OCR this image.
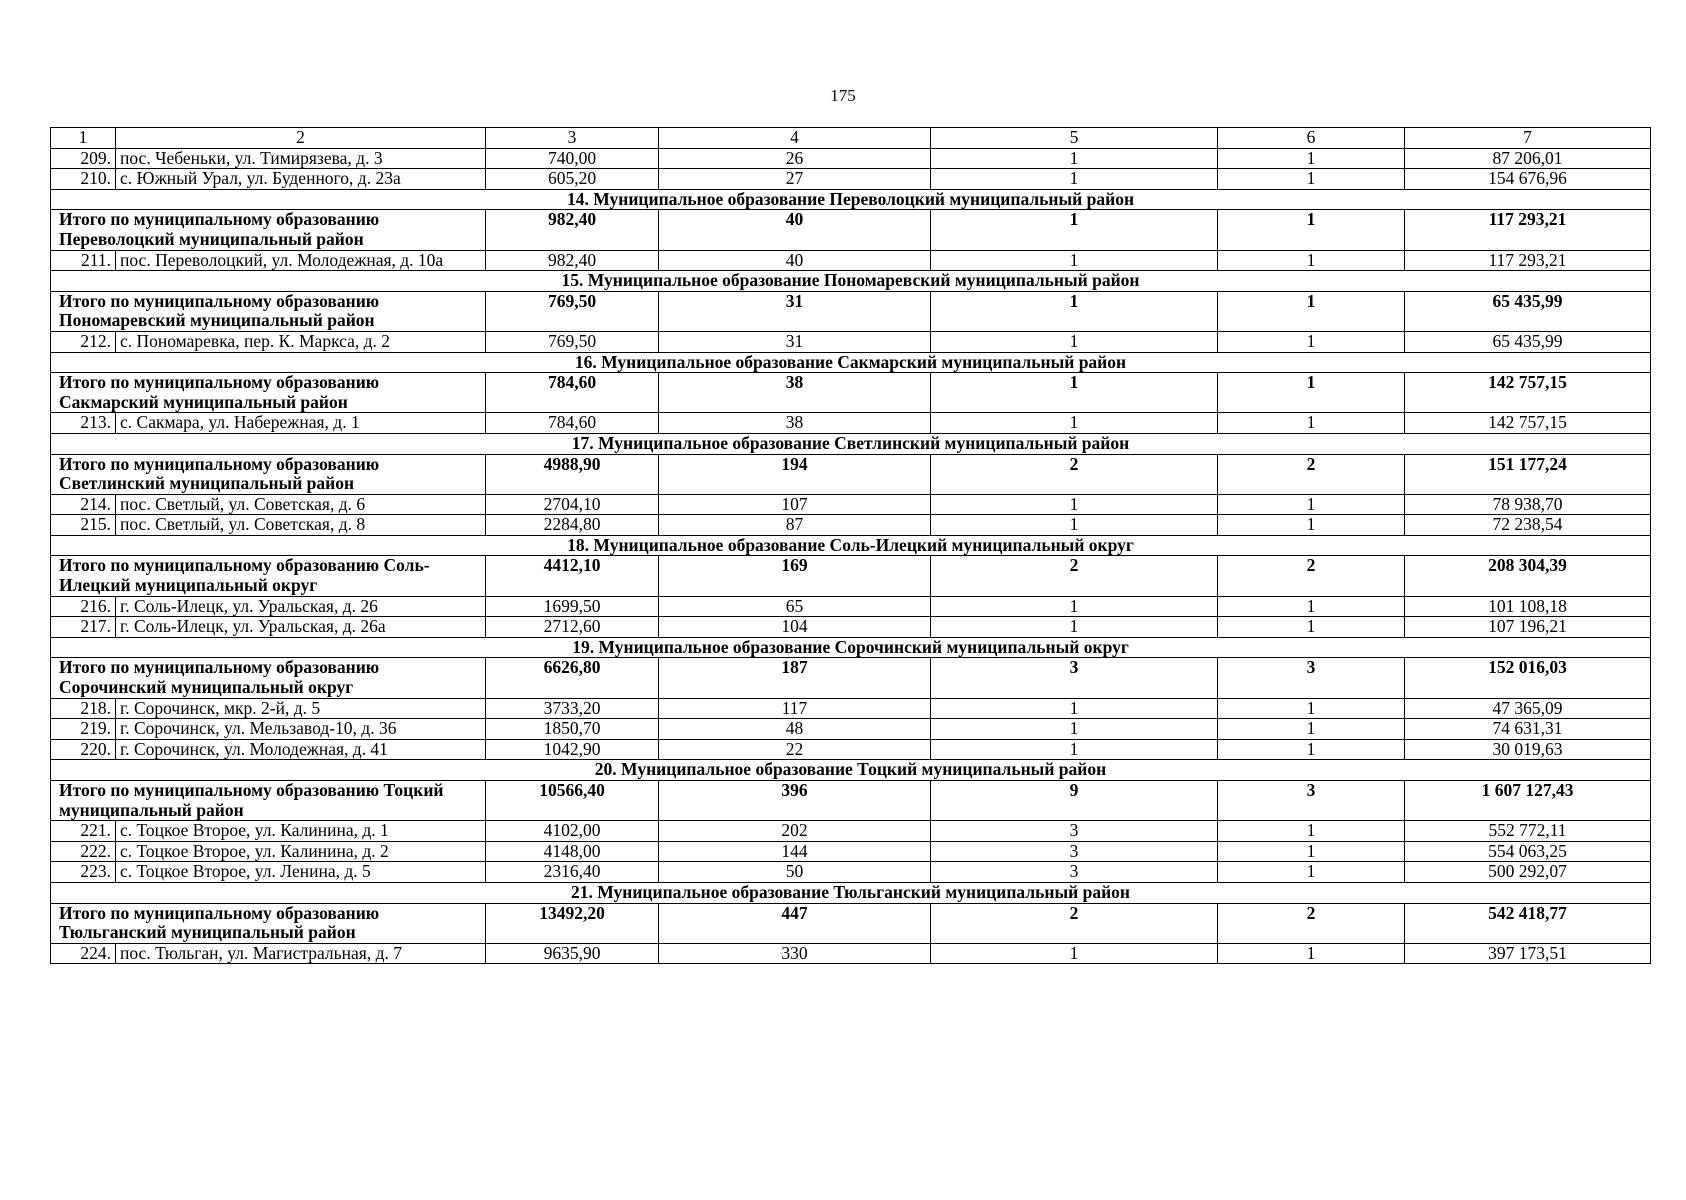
175
1	2	3	4	5	6	7
209.	пос. Чебеньки, ул. Тимирязева, д. 3	740,00	26	1	1	87 206,01
210.	с. Южный Урал, ул. Буденного, д. 23а	605,20	27	1	1	154 676,96
14. Муниципальное образование Переволоцкий муниципальный район						
Итого по муниципальному образованию Переволоцкий муниципальный район		982,40	40	1	1	117 293,21
211.	пос. Переволоцкий, ул. Молодежная, д. 10а	982,40	40	1	1	117 293,21
15. Муниципальное образование Пономаревский муниципальный район						
Итого по муниципальному образованию Пономаревский муниципальный район		769,50	31	1	1	65 435,99
212.	с. Пономаревка, пер. К. Маркса, д. 2	769,50	31	1	1	65 435,99
16. Муниципальное образование Сакмарский муниципальный район						
Итого по муниципальному образованию Сакмарский муниципальный район		784,60	38	1	1	142 757,15
213.	с. Сакмара, ул. Набережная, д. 1	784,60	38	1	1	142 757,15
17. Муниципальное образование Светлинский муниципальный район						
Итого по муниципальному образованию Светлинский муниципальный район		4988,90	194	2	2	151 177,24
214.	пос. Светлый, ул. Советская, д. 6	2704,10	107	1	1	78 938,70
215.	пос. Светлый, ул. Советская, д. 8	2284,80	87	1	1	72 238,54
18. Муниципальное образование Соль-Илецкий муниципальный округ						
Итого по муниципальному образованию Соль-Илецкий муниципальный округ		4412,10	169	2	2	208 304,39
216.	г. Соль-Илецк, ул. Уральская, д. 26	1699,50	65	1	1	101 108,18
217.	г. Соль-Илецк, ул. Уральская, д. 26а	2712,60	104	1	1	107 196,21
19. Муниципальное образование Сорочинский муниципальный округ						
Итого по муниципальному образованию Сорочинский муниципальный округ		6626,80	187	3	3	152 016,03
218.	г. Сорочинск, мкр. 2-й, д. 5	3733,20	117	1	1	47 365,09
219.	г. Сорочинск, ул. Мельзавод-10, д. 36	1850,70	48	1	1	74 631,31
220.	г. Сорочинск, ул. Молодежная, д. 41	1042,90	22	1	1	30 019,63
20. Муниципальное образование Тоцкий муниципальный район						
Итого по муниципальному образованию Тоцкий муниципальный район		10566,40	396	9	3	1 607 127,43
221.	с. Тоцкое Второе, ул. Калинина, д. 1	4102,00	202	3	1	552 772,11
222.	с. Тоцкое Второе, ул. Калинина, д. 2	4148,00	144	3	1	554 063,25
223.	с. Тоцкое Второе, ул. Ленина, д. 5	2316,40	50	3	1	500 292,07
21. Муниципальное образование Тюльганский муниципальный район						
Итого по муниципальному образованию Тюльганский муниципальный район		13492,20	447	2	2	542 418,77
224.	пос. Тюльган, ул. Магистральная, д. 7	9635,90	330	1	1	397 173,51
